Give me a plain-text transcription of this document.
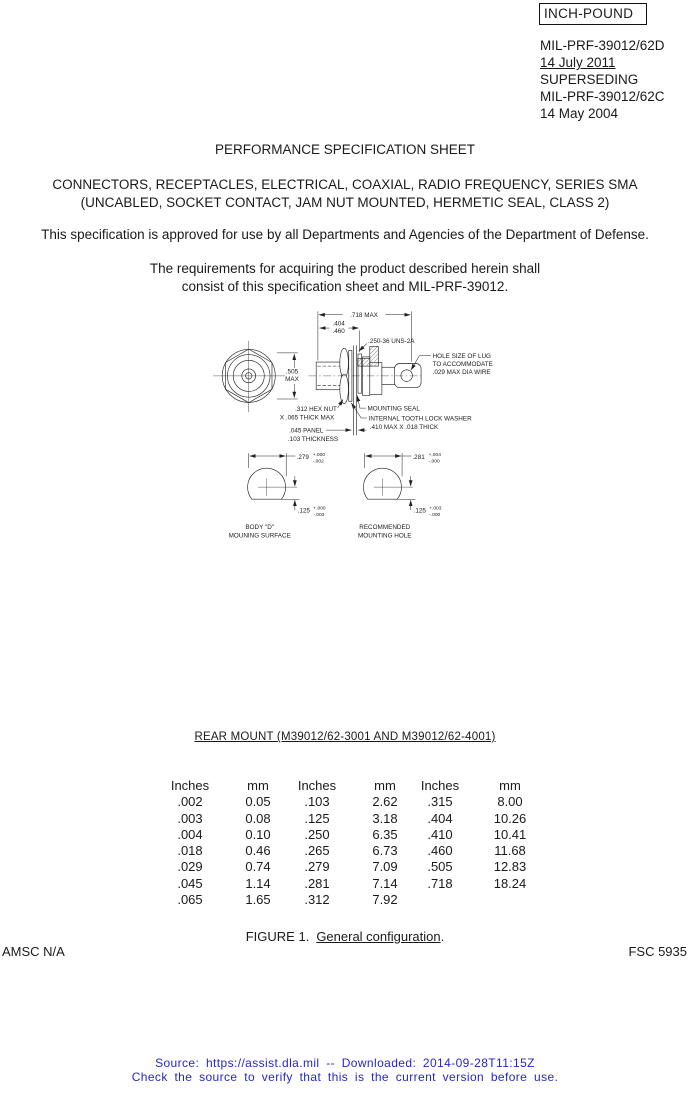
INCH-POUND
MIL-PRF-39012/62D
14 July 2011
SUPERSEDING
MIL-PRF-39012/62C
14 May 2004
PERFORMANCE SPECIFICATION SHEET
CONNECTORS, RECEPTACLES, ELECTRICAL, COAXIAL, RADIO FREQUENCY, SERIES SMA
(UNCABLED, SOCKET CONTACT, JAM NUT MOUNTED, HERMETIC SEAL, CLASS 2)
This specification is approved for use by all Departments and Agencies of the Department of Defense.
The requirements for acquiring the product described herein shall
consist of this specification sheet and MIL-PRF-39012.
.505
MAX
.718 MAX
.404
.460
.250-36 UNS-2A
HOLE SIZE OF LUG
TO ACCOMMODATE
.029 MAX DIA WIRE
.312 HEX NUT
X .065 THICK MAX
MOUNTING SEAL
INTERNAL TOOTH LOCK WASHER
.410 MAX X .018 THICK
.045 PANEL
.103 THICKNESS
.279 +.000
-.002
.125 +.000
-.003
BODY "D"
MOUNING SURFACE
.281 +.004
-.000
.125 +.003
-.000
RECOMMENDED
MOUNTING HOLE
REAR MOUNT (M39012/62-3001 AND M39012/62-4001)
Inches
.002
.003
.004
.018
.029
.045
.065
mm
0.05
0.08
0.10
0.46
0.74
1.14
1.65
Inches
.103
.125
.250
.265
.279
.281
.312
mm
2.62
3.18
6.35
6.73
7.09
7.14
7.92
Inches
.315
.404
.410
.460
.505
.718
mm
8.00
10.26
10.41
11.68
12.83
18.24
FIGURE 1. General configuration.
AMSC N/A	FSC 5935
Source: https://assist.dla.mil -- Downloaded: 2014-09-28T11:15Z
Check the source to verify that this is the current version before use.
